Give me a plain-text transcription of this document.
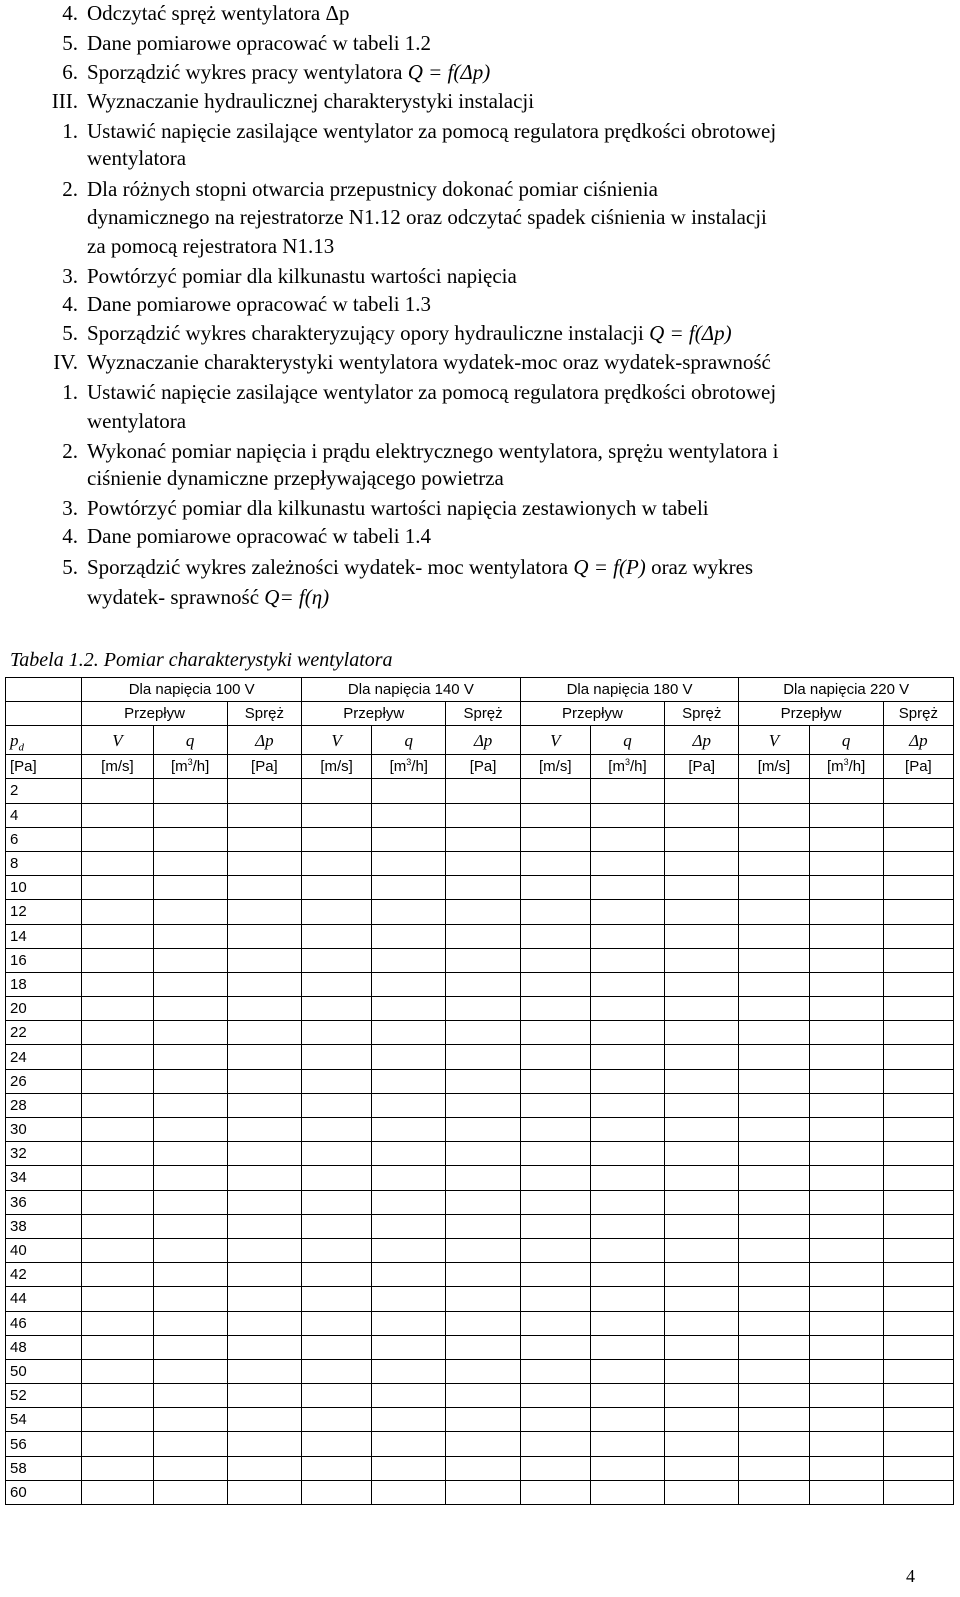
4. Odczytać spręż wentylatora Δp
5. Dane pomiarowe opracować w tabeli 1.2
6. Sporządzić wykres pracy wentylatora Q = f(Δp)
III. Wyznaczanie hydraulicznej charakterystyki instalacji
1. Ustawić napięcie zasilające wentylator za pomocą regulatora prędkości obrotowej
wentylatora
2. Dla różnych stopni otwarcia przepustnicy dokonać pomiar ciśnienia
dynamicznego na rejestratorze N1.12 oraz odczytać spadek ciśnienia w instalacji
za pomocą rejestratora N1.13
3. Powtórzyć pomiar dla kilkunastu wartości napięcia
4. Dane pomiarowe opracować w tabeli 1.3
5. Sporządzić wykres charakteryzujący opory hydrauliczne instalacji Q = f(Δp)
IV. Wyznaczanie charakterystyki wentylatora wydatek-moc oraz wydatek-sprawność
1. Ustawić napięcie zasilające wentylator za pomocą regulatora prędkości obrotowej
wentylatora
2. Wykonać pomiar napięcia i prądu elektrycznego wentylatora, sprężu wentylatora i
ciśnienie dynamiczne przepływającego powietrza
3. Powtórzyć pomiar dla kilkunastu wartości napięcia zestawionych w tabeli
4. Dane pomiarowe opracować w tabeli 1.4
5. Sporządzić wykres zależności wydatek- moc wentylatora Q = f(P) oraz wykres
wydatek- sprawność Q= f(η)
Tabela 1.2. Pomiar charakterystyki wentylatora
	Dla napięcia 100 V			Dla napięcia 140 V			Dla napięcia 180 V			Dla napięcia 220 V		
	Przepływ		Spręż	Przepływ		Spręż	Przepływ		Spręż	Przepływ		Spręż
$p_d$	V	q	Δp	V	q	Δp	V	q	Δp	V	q	Δp
[Pa]	[m/s]	$[m^3/h]$	[Pa]	[m/s]	$[m^3/h]$	[Pa]	[m/s]	$[m^3/h]$	[Pa]	[m/s]	$[m^3/h]$	[Pa]
2												
4												
6												
8												
10												
12												
14												
16												
18												
20												
22												
24												
26												
28												
30												
32												
34												
36												
38												
40												
42												
44												
46												
48												
50												
52												
54												
56												
58												
60												
4
